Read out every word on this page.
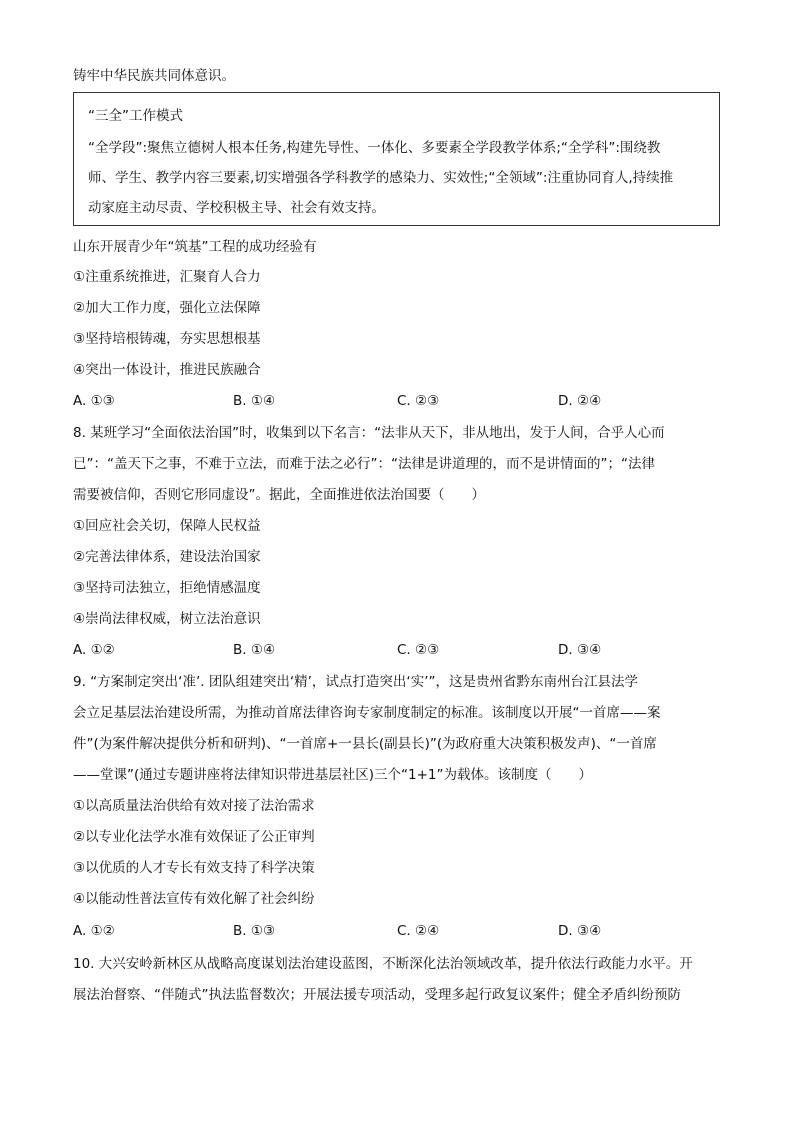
铸牢中华民族共同体意识。
“三全”工作模式
“全学段”:聚焦立德树人根本任务,构建先导性、一体化、多要素全学段教学体系;“全学科”:围绕教
师、学生、教学内容三要素,切实增强各学科教学的感染力、实效性;“全领域”:注重协同育人,持续推
动家庭主动尽责、学校积极主导、社会有效支持。
山东开展青少年“筑基”工程的成功经验有
①注重系统推进，汇聚育人合力
②加大工作力度，强化立法保障
③坚持培根铸魂，夯实思想根基
④突出一体设计，推进民族融合
A. ①③	B. ①④	C. ②③	D. ②④
8. 某班学习“全面依法治国”时，收集到以下名言：“法非从天下，非从地出，发于人间，合乎人心而
已”：“盖天下之事，不难于立法，而难于法之必行”：“法律是讲道理的，而不是讲情面的”；“法律
需要被信仰，否则它形同虚设”。据此，全面推进依法治国要（　　）
①回应社会关切，保障人民权益
②完善法律体系，建设法治国家
③坚持司法独立，拒绝情感温度
④崇尚法律权威，树立法治意识
A. ①②	B. ①④	C. ②③	D. ③④
9. “方案制定突出‘准’. 团队组建突出‘精’，试点打造突出‘实’”，这是贵州省黔东南州台江县法学
会立足基层法治建设所需，为推动首席法律咨询专家制度制定的标准。该制度以开展“一首席——案
件”(为案件解决提供分析和研判)、“一首席+一县长(副县长)”(为政府重大决策积极发声)、“一首席
——堂课”(通过专题讲座将法律知识带进基层社区)三个“1+1”为载体。该制度（　　）
①以高质量法治供给有效对接了法治需求
②以专业化法学水准有效保证了公正审判
③以优质的人才专长有效支持了科学决策
④以能动性普法宣传有效化解了社会纠纷
A. ①②	B. ①③	C. ②④	D. ③④
10. 大兴安岭新林区从战略高度谋划法治建设蓝图，不断深化法治领域改革，提升依法行政能力水平。开
展法治督察、“伴随式”执法监督数次；开展法援专项活动，受理多起行政复议案件；健全矛盾纠纷预防
